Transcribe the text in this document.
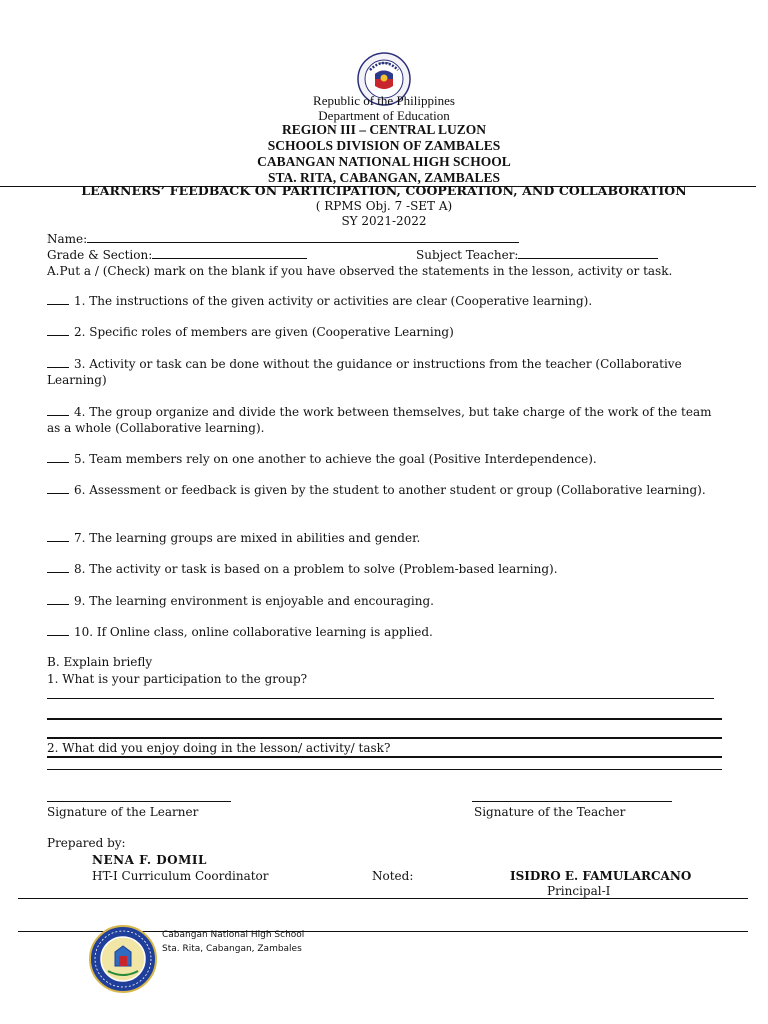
Republic of the Philippines
Department of Education
REGION III – CENTRAL LUZON
SCHOOLS DIVISION OF ZAMBALES
CABANGAN NATIONAL HIGH SCHOOL
STA. RITA, CABANGAN, ZAMBALES
LEARNERS’ FEEDBACK ON PARTICIPATION, COOPERATION, AND COLLABORATION
( RPMS Obj. 7 -SET A)
SY 2021-2022
Name:
Grade & Section:	Subject Teacher:
A.Put a / (Check) mark on the blank if you have observed the statements in the lesson, activity or task.
1. The instructions of the given activity or activities are clear (Cooperative learning).
2. Specific roles of members are given (Cooperative Learning)
3. Activity or task can be done without the guidance or instructions from the teacher (Collaborative Learning)
4. The group organize and divide the work between themselves, but take charge of the work of the team as a whole (Collaborative learning).
5. Team members rely on one another to achieve the goal (Positive Interdependence).
6. Assessment or feedback is given by the student to another student or group (Collaborative learning).
7. The learning groups are mixed in abilities and gender.
8. The activity or task is based on a problem to solve (Problem-based learning).
9. The learning environment is enjoyable and encouraging.
10. If Online class, online collaborative learning is applied.
B. Explain briefly
1. What is your participation to the group?
2. What did you enjoy doing in the lesson/ activity/ task?
Signature of the Learner	Signature of the Teacher
Prepared by:
NENA F. DOMIL
HT-I Curriculum Coordinator	Noted:	ISIDRO E. FAMULARCANO
Principal-I
Cabangan National High School
Sta. Rita, Cabangan, Zambales
